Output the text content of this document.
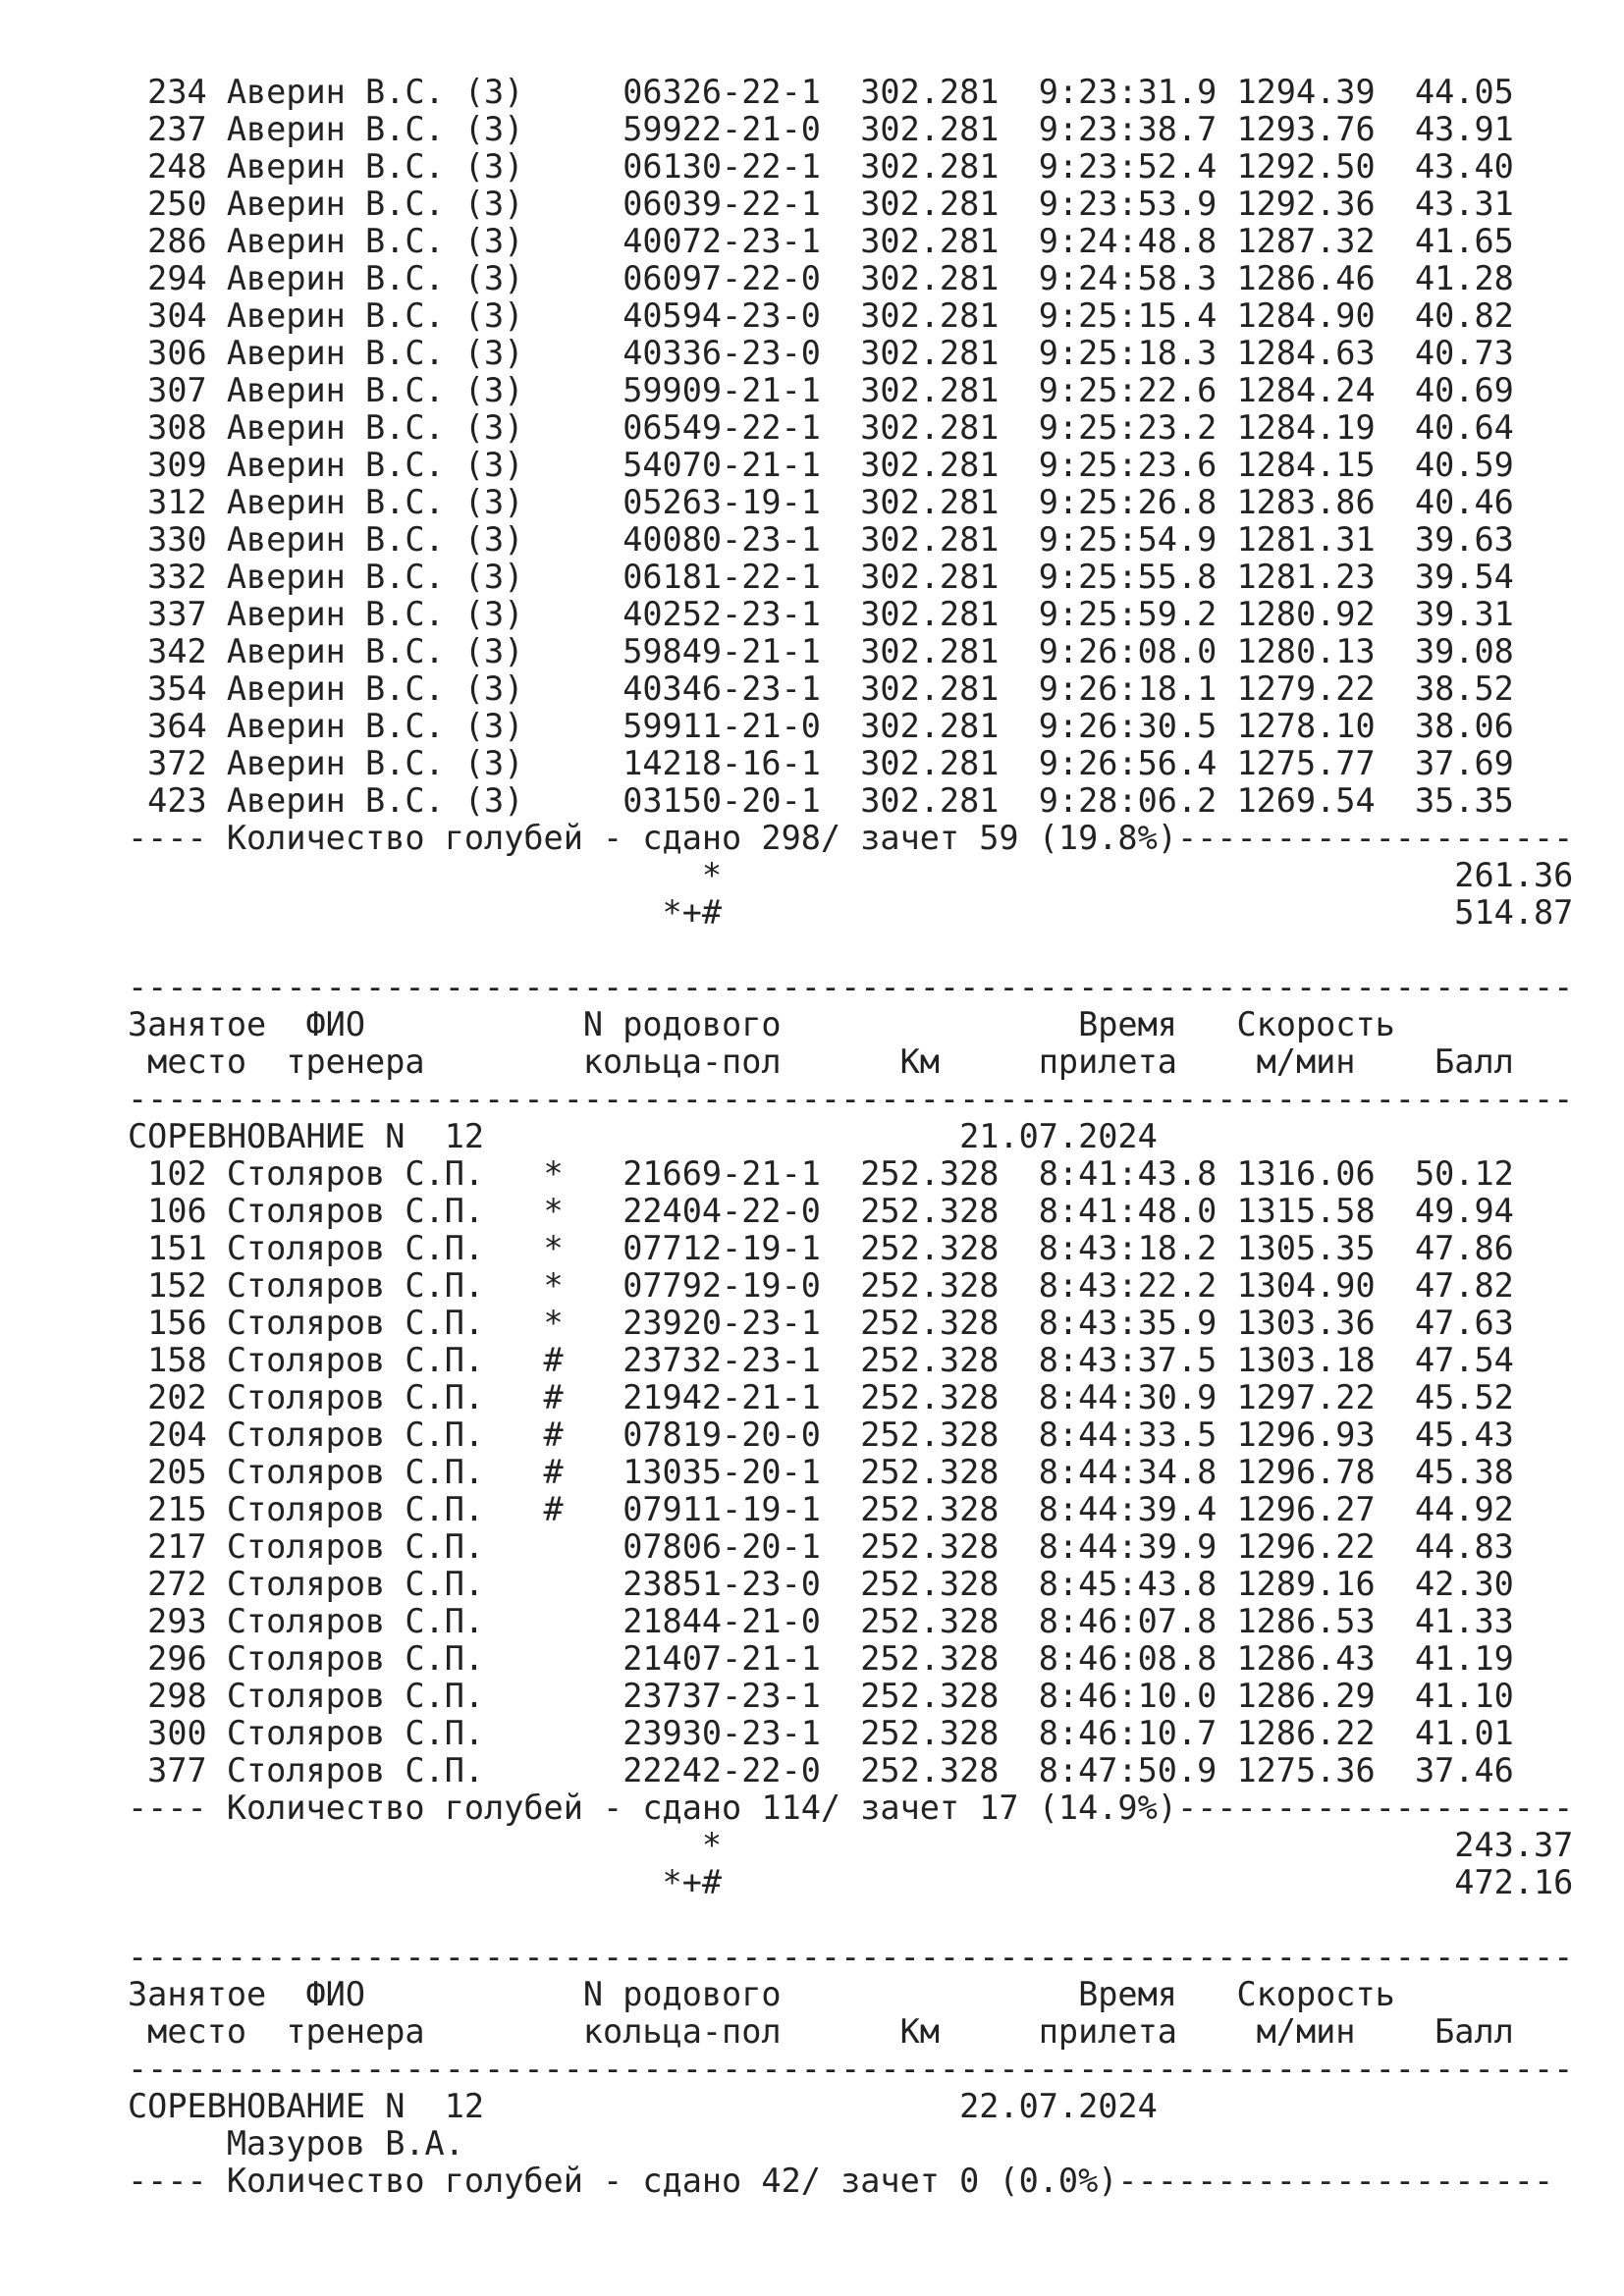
234 Аверин В.С. (З)     06326-22-1  302.281  9:23:31.9 1294.39  44.05
237 Аверин В.С. (З)     59922-21-0  302.281  9:23:38.7 1293.76  43.91
248 Аверин В.С. (З)     06130-22-1  302.281  9:23:52.4 1292.50  43.40
250 Аверин В.С. (З)     06039-22-1  302.281  9:23:53.9 1292.36  43.31
286 Аверин В.С. (З)     40072-23-1  302.281  9:24:48.8 1287.32  41.65
294 Аверин В.С. (З)     06097-22-0  302.281  9:24:58.3 1286.46  41.28
304 Аверин В.С. (З)     40594-23-0  302.281  9:25:15.4 1284.90  40.82
306 Аверин В.С. (З)     40336-23-0  302.281  9:25:18.3 1284.63  40.73
307 Аверин В.С. (З)     59909-21-1  302.281  9:25:22.6 1284.24  40.69
308 Аверин В.С. (З)     06549-22-1  302.281  9:25:23.2 1284.19  40.64
309 Аверин В.С. (З)     54070-21-1  302.281  9:25:23.6 1284.15  40.59
312 Аверин В.С. (З)     05263-19-1  302.281  9:25:26.8 1283.86  40.46
330 Аверин В.С. (З)     40080-23-1  302.281  9:25:54.9 1281.31  39.63
332 Аверин В.С. (З)     06181-22-1  302.281  9:25:55.8 1281.23  39.54
337 Аверин В.С. (З)     40252-23-1  302.281  9:25:59.2 1280.92  39.31
342 Аверин В.С. (З)     59849-21-1  302.281  9:26:08.0 1280.13  39.08
354 Аверин В.С. (З)     40346-23-1  302.281  9:26:18.1 1279.22  38.52
364 Аверин В.С. (З)     59911-21-0  302.281  9:26:30.5 1278.10  38.06
372 Аверин В.С. (З)     14218-16-1  302.281  9:26:56.4 1275.77  37.69
423 Аверин В.С. (З)     03150-20-1  302.281  9:28:06.2 1269.54  35.35
---- Количество голубей - сдано 298/ зачет 59 (19.8%)--------------------
*                                     261.36
*+#                                     514.87
-------------------------------------------------------------------------
Занятое  ФИО           N родового               Время   Скорость
место  тренера        кольца-пол      Км     прилета    м/мин    Балл
-------------------------------------------------------------------------
СОРЕВНОВАНИЕ N  12                        21.07.2024
102 Столяров С.П.   *   21669-21-1  252.328  8:41:43.8 1316.06  50.12
106 Столяров С.П.   *   22404-22-0  252.328  8:41:48.0 1315.58  49.94
151 Столяров С.П.   *   07712-19-1  252.328  8:43:18.2 1305.35  47.86
152 Столяров С.П.   *   07792-19-0  252.328  8:43:22.2 1304.90  47.82
156 Столяров С.П.   *   23920-23-1  252.328  8:43:35.9 1303.36  47.63
158 Столяров С.П.   #   23732-23-1  252.328  8:43:37.5 1303.18  47.54
202 Столяров С.П.   #   21942-21-1  252.328  8:44:30.9 1297.22  45.52
204 Столяров С.П.   #   07819-20-0  252.328  8:44:33.5 1296.93  45.43
205 Столяров С.П.   #   13035-20-1  252.328  8:44:34.8 1296.78  45.38
215 Столяров С.П.   #   07911-19-1  252.328  8:44:39.4 1296.27  44.92
217 Столяров С.П.       07806-20-1  252.328  8:44:39.9 1296.22  44.83
272 Столяров С.П.       23851-23-0  252.328  8:45:43.8 1289.16  42.30
293 Столяров С.П.       21844-21-0  252.328  8:46:07.8 1286.53  41.33
296 Столяров С.П.       21407-21-1  252.328  8:46:08.8 1286.43  41.19
298 Столяров С.П.       23737-23-1  252.328  8:46:10.0 1286.29  41.10
300 Столяров С.П.       23930-23-1  252.328  8:46:10.7 1286.22  41.01
377 Столяров С.П.       22242-22-0  252.328  8:47:50.9 1275.36  37.46
---- Количество голубей - сдано 114/ зачет 17 (14.9%)--------------------
*                                     243.37
*+#                                     472.16
-------------------------------------------------------------------------
Занятое  ФИО           N родового               Время   Скорость
место  тренера        кольца-пол      Км     прилета    м/мин    Балл
-------------------------------------------------------------------------
СОРЕВНОВАНИЕ N  12                        22.07.2024
Мазуров В.А.
---- Количество голубей - сдано 42/ зачет 0 (0.0%)----------------------
